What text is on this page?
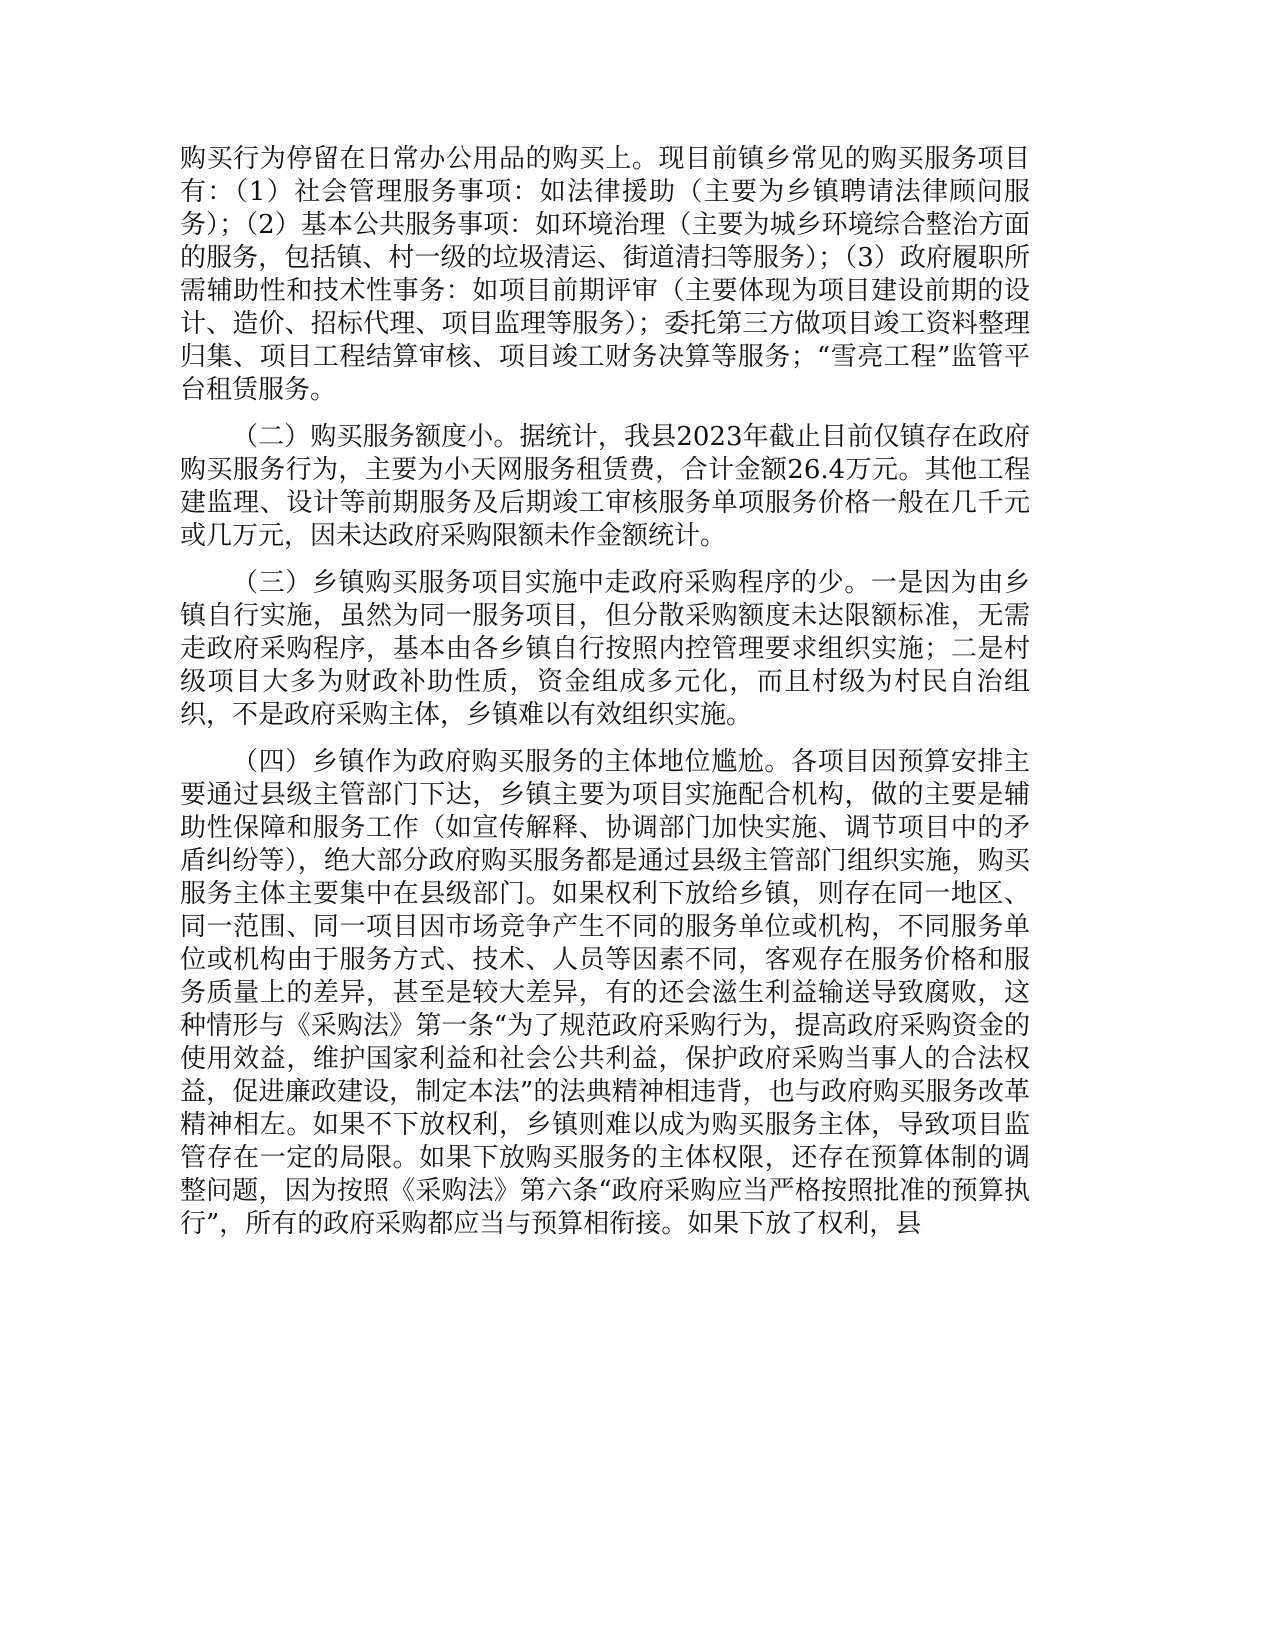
购买行为停留在日常办公用品的购买上。现目前镇乡常见的购买服务项目有：（1）社会管理服务事项：如法律援助（主要为乡镇聘请法律顾问服务）；（2）基本公共服务事项：如环境治理（主要为城乡环境综合整治方面的服务，包括镇、村一级的垃圾清运、街道清扫等服务）；（3）政府履职所需辅助性和技术性事务：如项目前期评审（主要体现为项目建设前期的设计、造价、招标代理、项目监理等服务）；委托第三方做项目竣工资料整理归集、项目工程结算审核、项目竣工财务决算等服务；“雪亮工程”监管平台租赁服务。

（二）购买服务额度小。据统计，我县2023年截止目前仅镇存在政府购买服务行为，主要为小天网服务租赁费，合计金额26.4万元。其他工程建监理、设计等前期服务及后期竣工审核服务单项服务价格一般在几千元或几万元，因未达政府采购限额未作金额统计。

（三）乡镇购买服务项目实施中走政府采购程序的少。一是因为由乡镇自行实施，虽然为同一服务项目，但分散采购额度未达限额标准，无需走政府采购程序，基本由各乡镇自行按照内控管理要求组织实施；二是村级项目大多为财政补助性质，资金组成多元化，而且村级为村民自治组织，不是政府采购主体，乡镇难以有效组织实施。

（四）乡镇作为政府购买服务的主体地位尴尬。各项目因预算安排主要通过县级主管部门下达，乡镇主要为项目实施配合机构，做的主要是辅助性保障和服务工作（如宣传解释、协调部门加快实施、调节项目中的矛盾纠纷等），绝大部分政府购买服务都是通过县级主管部门组织实施，购买服务主体主要集中在县级部门。如果权利下放给乡镇，则存在同一地区、同一范围、同一项目因市场竞争产生不同的服务单位或机构，不同服务单位或机构由于服务方式、技术、人员等因素不同，客观存在服务价格和服务质量上的差异，甚至是较大差异，有的还会滋生利益输送导致腐败，这种情形与《采购法》第一条“为了规范政府采购行为，提高政府采购资金的使用效益，维护国家利益和社会公共利益，保护政府采购当事人的合法权益，促进廉政建设，制定本法”的法典精神相违背，也与政府购买服务改革精神相左。如果不下放权利，乡镇则难以成为购买服务主体，导致项目监管存在一定的局限。如果下放购买服务的主体权限，还存在预算体制的调整问题，因为按照《采购法》第六条“政府采购应当严格按照批准的预算执行”，所有的政府采购都应当与预算相衔接。如果下放了权利，县
